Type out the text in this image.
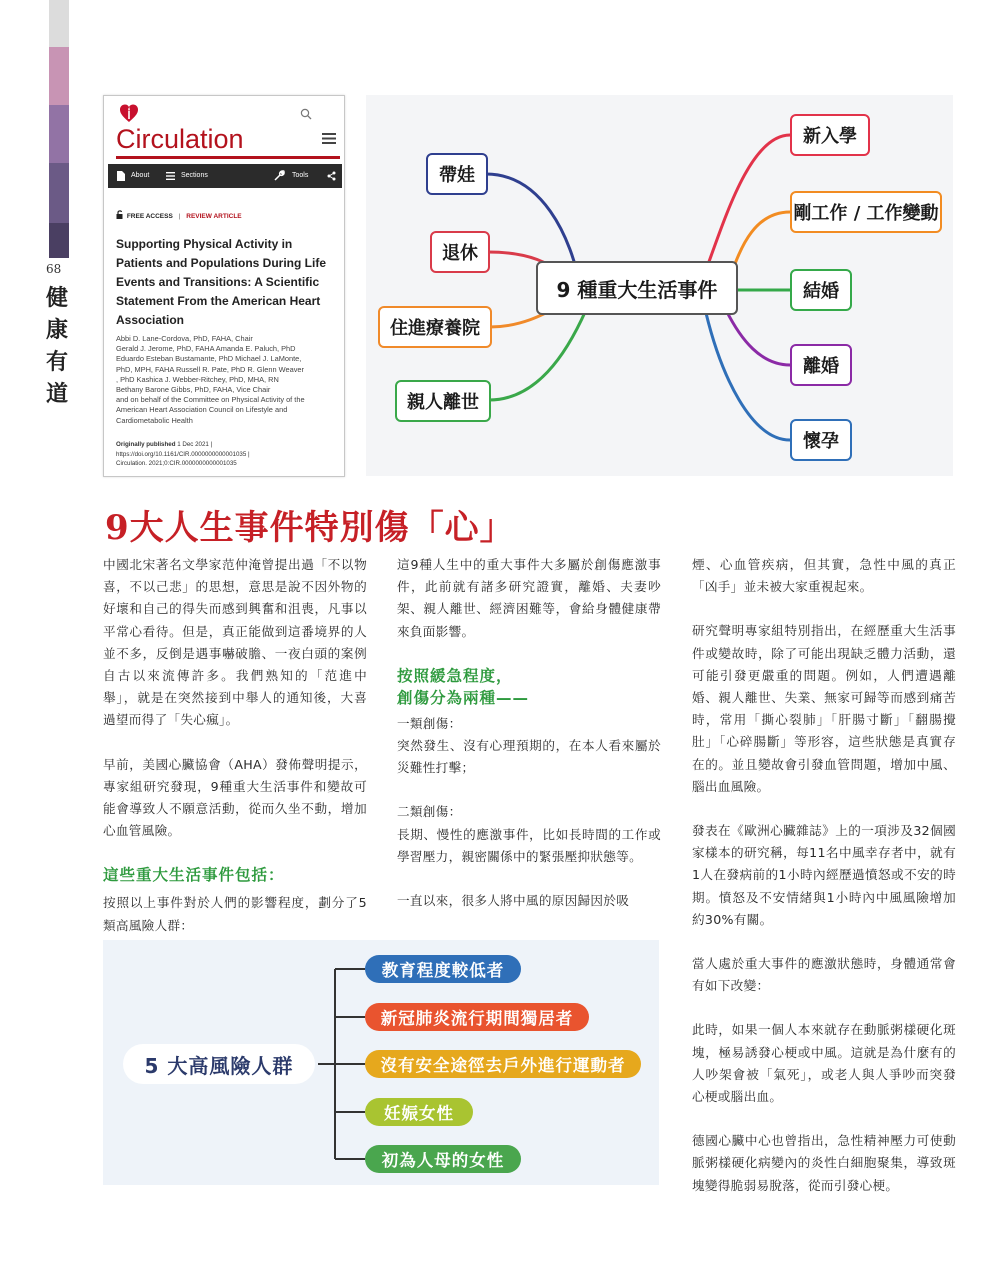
68
健康有道
Circulation
About	Sections	Tools
FREE ACCESS | REVIEW ARTICLE
Supporting Physical Activity in Patients and Populations During Life Events and Transitions: A Scientific Statement From the American Heart Association
Abbi D. Lane-Cordova, PhD, FAHA, Chair
Gerald J. Jerome, PhD, FAHA Amanda E. Paluch, PhD
Eduardo Esteban Bustamante, PhD Michael J. LaMonte,
PhD, MPH, FAHA Russell R. Pate, PhD R. Glenn Weaver
, PhD Kashica J. Webber-Ritchey, PhD, MHA, RN
Bethany Barone Gibbs, PhD, FAHA, Vice Chair
and on behalf of the Committee on Physical Activity of the
American Heart Association Council on Lifestyle and
Cardiometabolic Health
Originally published 1 Dec 2021 |
https://doi.org/10.1161/CIR.0000000000001035 |
Circulation. 2021;0:CIR.0000000000001035
9 種重大生活事件
帶娃
退休
住進療養院
親人離世
新入學
剛工作 / 工作變動
結婚
離婚
懷孕
9大人生事件特別傷「心」

中國北宋著名文學家范仲淹曾提出過「不以物喜，不以己悲」的思想，意思是說不因外物的好壞和自己的得失而感到興奮和沮喪，凡事以平常心看待。但是，真正能做到這番境界的人並不多，反倒是遇事嚇破膽、一夜白頭的案例自古以來流傳許多。我們熟知的「范進中舉」，就是在突然接到中舉人的通知後，大喜過望而得了「失心瘋」。

早前，美國心臟協會（AHA）發佈聲明提示，專家組研究發現，9種重大生活事件和變故可能會導致人不願意活動，從而久坐不動，增加心血管風險。

這些重大生活事件包括：

按照以上事件對於人們的影響程度，劃分了5類高風險人群：

這9種人生中的重大事件大多屬於創傷應激事件，此前就有諸多研究證實，離婚、夫妻吵架、親人離世、經濟困難等，會給身體健康帶來負面影響。

按照緩急程度，
創傷分為兩種——
一類創傷：

突然發生、沒有心理預期的，在本人看來屬於災難性打擊；

二類創傷：

長期、慢性的應激事件，比如長時間的工作或學習壓力，親密關係中的緊張壓抑狀態等。

一直以來，很多人將中風的原因歸因於吸

煙、心血管疾病，但其實，急性中風的真正「凶手」並未被大家重視起來。

研究聲明專家組特別指出，在經歷重大生活事件或變故時，除了可能出現缺乏體力活動，還可能引發更嚴重的問題。例如，人們遭遇離婚、親人離世、失業、無家可歸等而感到痛苦時，常用「撕心裂肺」「肝腸寸斷」「翻腸攪肚」「心碎腸斷」等形容，這些狀態是真實存在的。並且變故會引發血管問題，增加中風、腦出血風險。

發表在《歐洲心臟雜誌》上的一項涉及32個國家樣本的研究稱，每11名中風幸存者中，就有1人在發病前的1小時內經歷過憤怒或不安的時期。憤怒及不安情緒與1小時內中風風險增加約30%有關。

當人處於重大事件的應激狀態時，身體通常會有如下改變：

此時，如果一個人本來就存在動脈粥樣硬化斑塊，極易誘發心梗或中風。這就是為什麼有的人吵架會被「氣死」，或老人與人爭吵而突發心梗或腦出血。

德國心臟中心也曾指出，急性精神壓力可使動脈粥樣硬化病變內的炎性白細胞聚集，導致斑塊變得脆弱易脫落，從而引發心梗。

5 大高風險人群
教育程度較低者
新冠肺炎流行期間獨居者
沒有安全途徑去戶外進行運動者
妊娠女性
初為人母的女性
